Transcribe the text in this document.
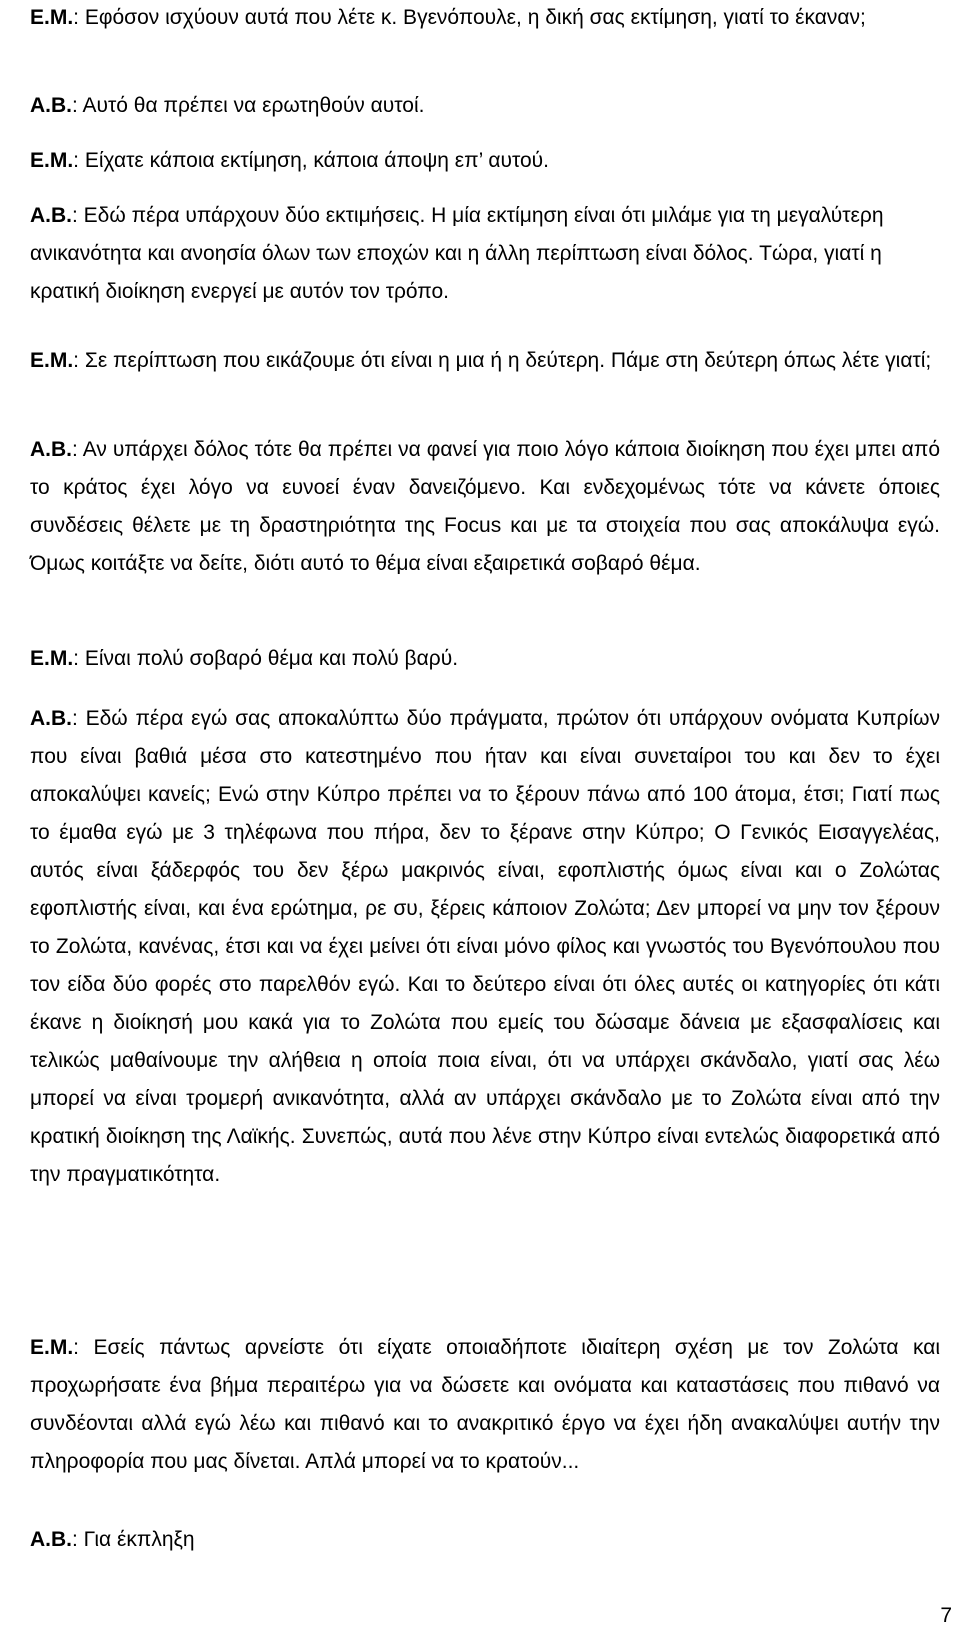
Ε.Μ.: Εφόσον ισχύουν αυτά που λέτε κ. Βγενόπουλε, η δική σας εκτίμηση, γιατί το έκαναν;

Α.Β.: Αυτό θα πρέπει να ερωτηθούν αυτοί.

Ε.Μ.: Είχατε κάποια εκτίμηση, κάποια άποψη επ’ αυτού.

Α.Β.: Εδώ πέρα υπάρχουν δύο εκτιμήσεις. Η μία εκτίμηση είναι ότι μιλάμε για τη μεγαλύτερη ανικανότητα και ανοησία όλων των εποχών και η άλλη περίπτωση είναι δόλος. Τώρα, γιατί η κρατική διοίκηση ενεργεί με αυτόν τον τρόπο.

Ε.Μ.: Σε περίπτωση που εικάζουμε ότι είναι η μια ή η δεύτερη. Πάμε στη δεύτερη όπως λέτε γιατί;

Α.Β.: Αν υπάρχει δόλος τότε θα πρέπει να φανεί για ποιο λόγο κάποια διοίκηση που έχει μπει από το κράτος έχει λόγο να ευνοεί έναν δανειζόμενο. Και ενδεχομένως τότε να κάνετε όποιες συνδέσεις θέλετε με τη δραστηριότητα της Focus και με τα στοιχεία που σας αποκάλυψα εγώ. Όμως κοιτάξτε να δείτε, διότι αυτό το θέμα είναι εξαιρετικά σοβαρό θέμα.

Ε.Μ.: Είναι πολύ σοβαρό θέμα και πολύ βαρύ.

Α.Β.: Εδώ πέρα εγώ σας αποκαλύπτω δύο πράγματα, πρώτον ότι υπάρχουν ονόματα Κυπρίων που είναι βαθιά μέσα στο κατεστημένο που ήταν και είναι συνεταίροι του και δεν το έχει αποκαλύψει κανείς; Ενώ στην Κύπρο πρέπει να το ξέρουν πάνω από 100 άτομα, έτσι; Γιατί πως το έμαθα εγώ με 3 τηλέφωνα που πήρα, δεν το ξέρανε στην Κύπρο; Ο Γενικός Εισαγγελέας, αυτός είναι ξάδερφός του δεν ξέρω μακρινός είναι, εφοπλιστής όμως είναι και ο Ζολώτας εφοπλιστής είναι, και ένα ερώτημα, ρε συ, ξέρεις κάποιον Ζολώτα; Δεν μπορεί να μην τον ξέρουν το Ζολώτα, κανένας, έτσι και να έχει μείνει ότι είναι μόνο φίλος και γνωστός του Βγενόπουλου που τον είδα δύο φορές στο παρελθόν εγώ. Και το δεύτερο είναι ότι όλες αυτές οι κατηγορίες ότι κάτι έκανε η διοίκησή μου κακά για το Ζολώτα που εμείς του δώσαμε δάνεια με εξασφαλίσεις και τελικώς μαθαίνουμε την αλήθεια η οποία ποια είναι, ότι να υπάρχει σκάνδαλο, γιατί σας λέω μπορεί να είναι τρομερή ανικανότητα, αλλά αν υπάρχει σκάνδαλο με το Ζολώτα είναι από την κρατική διοίκηση της Λαϊκής. Συνεπώς, αυτά που λένε στην Κύπρο είναι εντελώς διαφορετικά από την πραγματικότητα.

Ε.Μ.: Εσείς πάντως αρνείστε ότι είχατε οποιαδήποτε ιδιαίτερη σχέση με τον Ζολώτα και προχωρήσατε ένα βήμα περαιτέρω για να δώσετε και ονόματα και καταστάσεις που πιθανό να συνδέονται αλλά εγώ λέω και πιθανό και το ανακριτικό έργο να έχει ήδη ανακαλύψει αυτήν την πληροφορία που μας δίνεται. Απλά μπορεί να το κρατούν...

Α.Β.: Για έκπληξη

7
